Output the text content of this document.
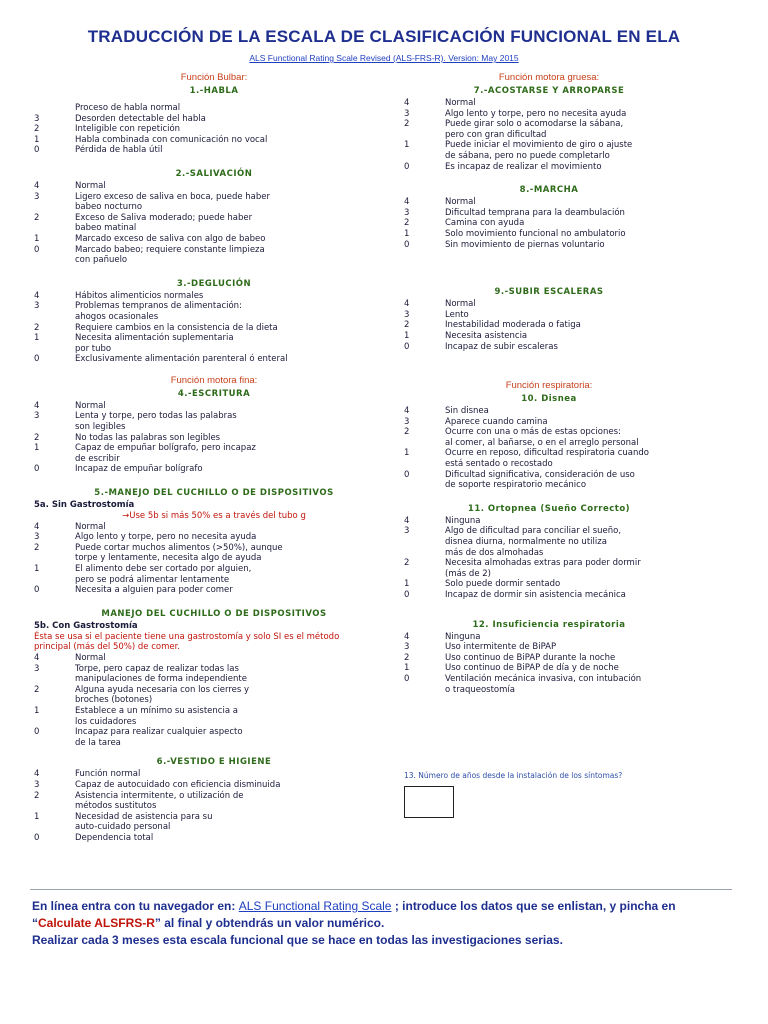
TRADUCCIÓN DE LA ESCALA DE CLASIFICACIÓN FUNCIONAL EN ELA
ALS Functional Rating Scale Revised (ALS-FRS-R). Version: May 2015
Función Bulbar:
1.-HABLA
Proceso de habla normal
3	Desorden detectable del habla
2	Inteligible con repetición
1	Habla combinada con comunicación no vocal
0	Pérdida de habla útil
2.-SALIVACIÓN
4	Normal
3	Ligero exceso de saliva en boca, puede haber
babeo nocturno
2	Exceso de Saliva moderado; puede haber
babeo matinal
1	Marcado exceso de saliva con algo de babeo
0	Marcado babeo; requiere constante limpieza
con pañuelo
3.-DEGLUCIÓN
4	Hábitos alimenticios normales
3	Problemas tempranos de alimentación:
ahogos ocasionales
2	Requiere cambios en la consistencia de la dieta
1	Necesita alimentación suplementaria
por tubo
0	Exclusivamente alimentación parenteral ó enteral
Función motora fina:
4.-ESCRITURA
4	Normal
3	Lenta y torpe, pero todas las palabras
son legibles
2	No todas las palabras son legibles
1	Capaz de empuñar bolígrafo, pero incapaz
de escribir
0	Incapaz de empuñar bolígrafo
5.-MANEJO DEL CUCHILLO O DE DISPOSITIVOS
5a. Sin Gastrostomía
→Use 5b si más 50% es a través del tubo g
4	Normal
3	Algo lento y torpe, pero no necesita ayuda
2	Puede cortar muchos alimentos (>50%), aunque
torpe y lentamente, necesita algo de ayuda
1	El alimento debe ser cortado por alguien,
pero se podrá alimentar lentamente
0	Necesita a alguien para poder comer
MANEJO DEL CUCHILLO O DE DISPOSITIVOS
5b. Con Gastrostomía
Ésta se usa si el paciente tiene una gastrostomía y solo SI es el método
principal (más del 50%) de comer.
4	Normal
3	Torpe, pero capaz de realizar todas las
manipulaciones de forma independiente
2	Alguna ayuda necesaria con los cierres y
broches (botones)
1	Establece a un mínimo su asistencia a
los cuidadores
0	Incapaz para realizar cualquier aspecto
de la tarea
6.-VESTIDO E HIGIENE
4	Función normal
3	Capaz de autocuidado con eficiencia disminuida
2	Asistencia intermitente, o utilización de
métodos sustitutos
1	Necesidad de asistencia para su
auto-cuidado personal
0	Dependencia total
Función motora gruesa:
7.-ACOSTARSE Y ARROPARSE
4	Normal
3	Algo lento y torpe, pero no necesita ayuda
2	Puede girar solo o acomodarse la sábana,
pero con gran dificultad
1	Puede iniciar el movimiento de giro o ajuste
de sábana, pero no puede completarlo
0	Es incapaz de realizar el movimiento
8.-MARCHA
4	Normal
3	Dificultad temprana para la deambulación
2	Camina con ayuda
1	Solo movimiento funcional no ambulatorio
0	Sin movimiento de piernas voluntario
9.-SUBIR ESCALERAS
4	Normal
3	Lento
2	Inestabilidad moderada o fatiga
1	Necesita asistencia
0	Incapaz de subir escaleras
Función respiratoria:
10. Disnea
4	Sin disnea
3	Aparece cuando camina
2	Ocurre con una o más de estas opciones:
al comer, al bañarse, o en el arreglo personal
1	Ocurre en reposo, dificultad respiratoria cuando
está sentado o recostado
0	Dificultad significativa, consideración de uso
de soporte respiratorio mecánico
11. Ortopnea (Sueño Correcto)
4	Ninguna
3	Algo de dificultad para conciliar el sueño,
disnea diurna, normalmente no utiliza
más de dos almohadas
2	Necesita almohadas extras para poder dormir
(más de 2)
1	Solo puede dormir sentado
0	Incapaz de dormir sin asistencia mecánica
12. Insuficiencia respiratoria
4	Ninguna
3	Uso intermitente de BiPAP
2	Uso continuo de BiPAP durante la noche
1	Uso continuo de BiPAP de día y de noche
0	Ventilación mecánica invasiva, con intubación
o traqueostomía
13. Número de años desde la instalación de los síntomas?
En línea entra con tu navegador en: ALS Functional Rating Scale ; introduce los datos que se enlistan, y pincha en
“Calculate ALSFRS-R” al final y obtendrás un valor numérico.
Realizar cada 3 meses esta escala funcional que se hace en todas las investigaciones serias.
